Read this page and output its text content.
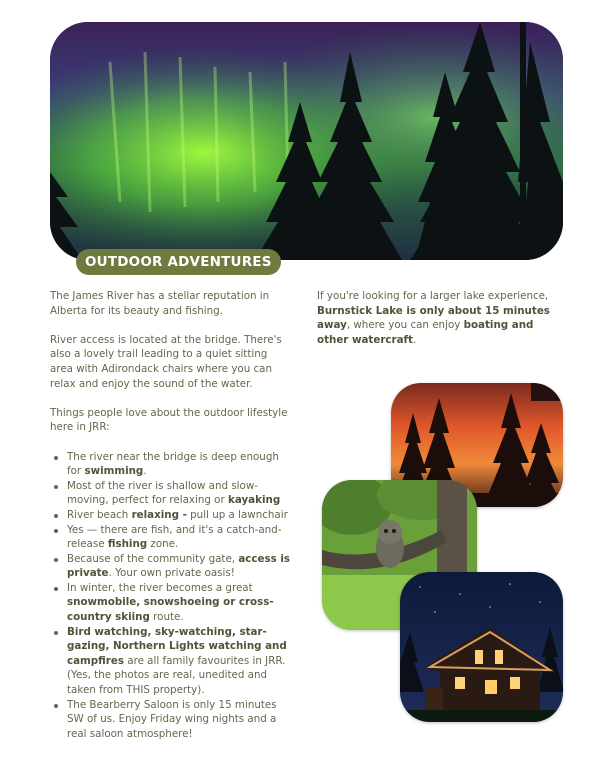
OUTDOOR ADVENTURES

The James River has a stellar reputation in Alberta for its beauty and fishing.

River access is located at the bridge. There's also a lovely trail leading to a quiet sitting area with Adirondack chairs where you can relax and enjoy the sound of the water.

Things people love about the outdoor lifestyle here in JRR:

The river near the bridge is deep enough for swimming.
Most of the river is shallow and slow-moving, perfect for relaxing or kayaking
River beach relaxing - pull up a lawnchair
Yes — there are fish, and it's a catch-and-release fishing zone.
Because of the community gate, access is private. Your own private oasis!
In winter, the river becomes a great snowmobile, snowshoeing or cross-country skiing route.
Bird watching, sky-watching, star-gazing, Northern Lights watching and campfires are all family favourites in JRR. (Yes, the photos are real, unedited and taken from THIS property).
The Bearberry Saloon is only 15 minutes SW of us. Enjoy Friday wing nights and a real saloon atmosphere!

If you're looking for a larger lake experience, Burnstick Lake is only about 15 minutes away, where you can enjoy boating and other watercraft.
